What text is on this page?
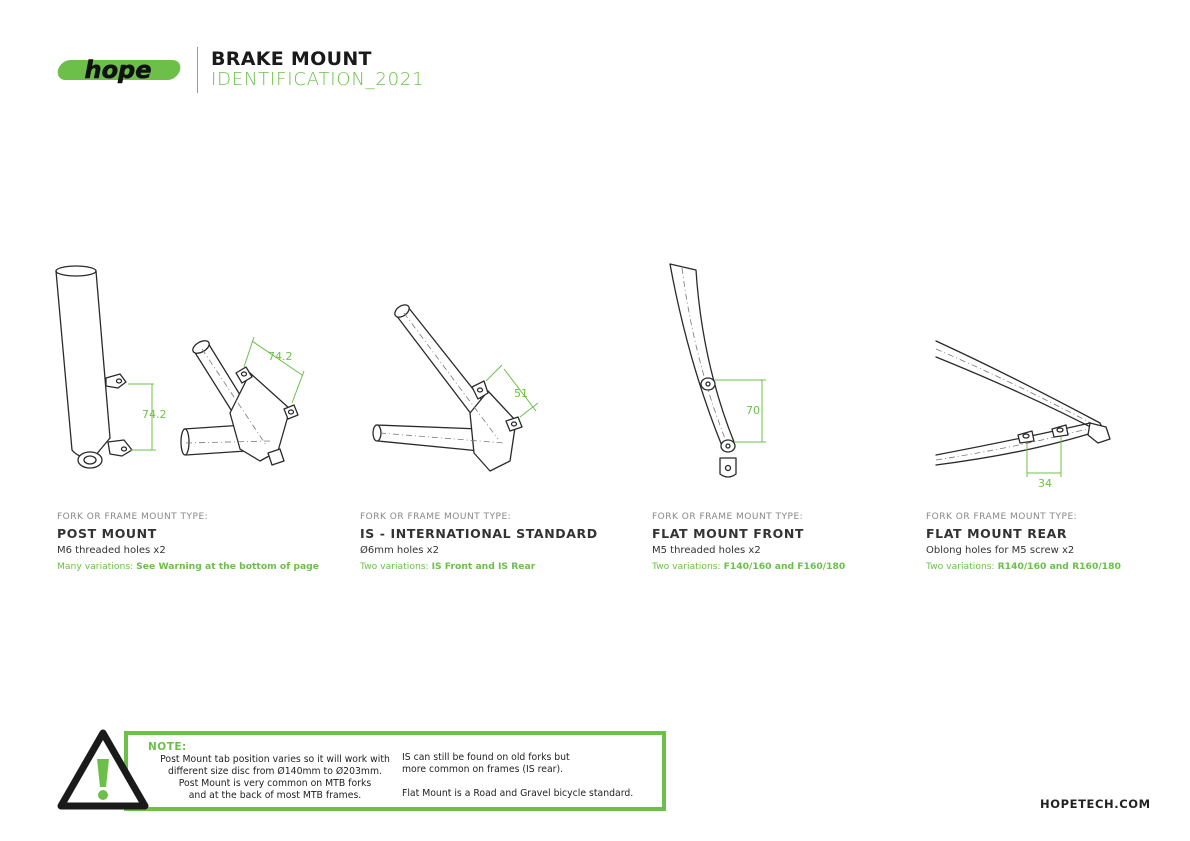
hope	BRAKE MOUNT
IDENTIFICATION_2021
74.2
74.2
51
70
34
FORK OR FRAME MOUNT TYPE:
POST MOUNT
M6 threaded holes x2
Many variations: See Warning at the bottom of page
FORK OR FRAME MOUNT TYPE:
IS - INTERNATIONAL STANDARD
Ø6mm holes x2
Two variations: IS Front and IS Rear
FORK OR FRAME MOUNT TYPE:
FLAT MOUNT FRONT
M5 threaded holes x2
Two variations: F140/160 and F160/180
FORK OR FRAME MOUNT TYPE:
FLAT MOUNT REAR
Oblong holes for M5 screw x2
Two variations: R140/160 and R160/180
NOTE:
Post Mount tab position varies so it will work with
different size disc from Ø140mm to Ø203mm.
Post Mount is very common on MTB forks
and at the back of most MTB frames.

IS can still be found on old forks but

more common on frames (IS rear).

Flat Mount is a Road and Gravel bicycle standard.

HOPETECH.COM
